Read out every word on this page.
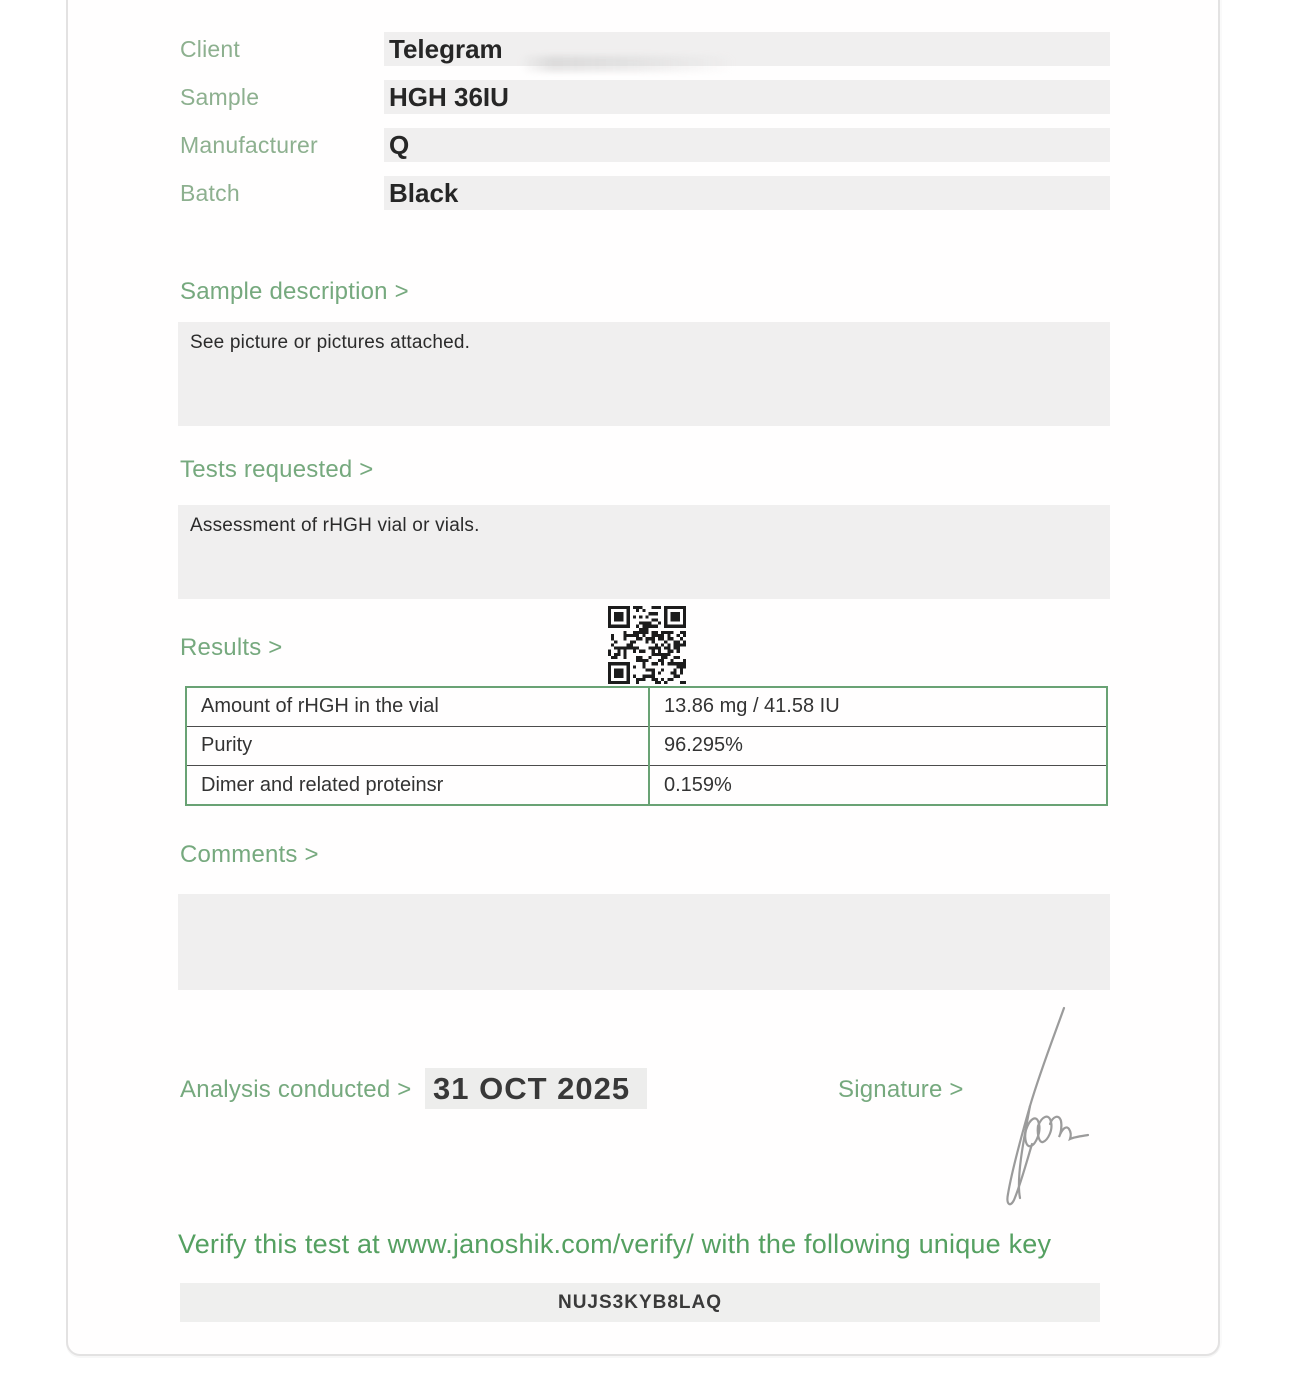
Client	Telegram
Sample	HGH 36IU
Manufacturer	Q
Batch	Black
Sample description >
See picture or pictures attached.
Tests requested >
Assessment of rHGH vial or vials.
Results >
Amount of rHGH in the vial	13.86 mg / 41.58 IU
Purity	96.295%
Dimer and related proteinsr	0.159%
Comments >
Analysis conducted > 31 OCT 2025	Signature >
Verify this test at www.janoshik.com/verify/ with the following unique key
NUJS3KYB8LAQ
